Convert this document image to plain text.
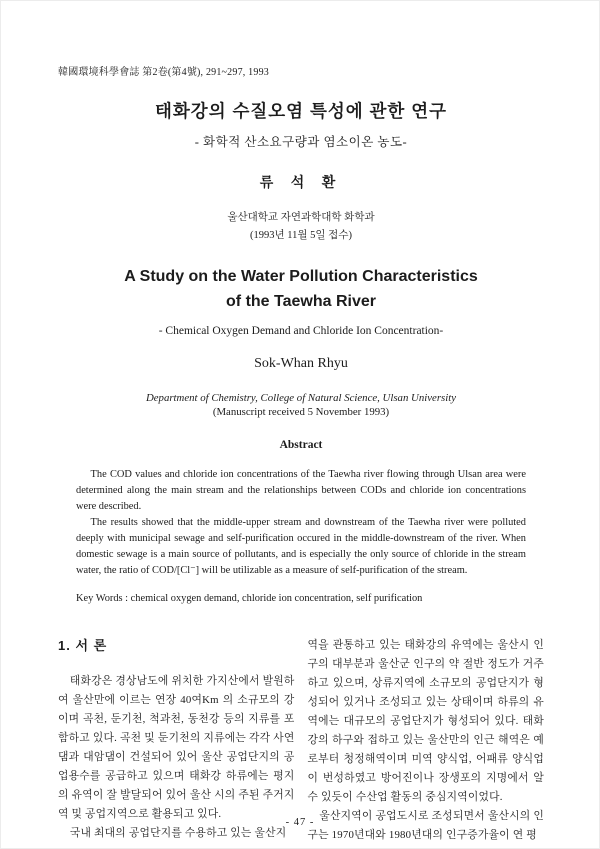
韓國環境科學會誌 第2卷(第4號), 291~297, 1993
태화강의 수질오염 특성에 관한 연구
- 화학적 산소요구량과 염소이온 농도-
류 석 환
울산대학교 자연과학대학 화학과
(1993년 11월 5일 접수)
A Study on the Water Pollution Characteristics
of the Taewha River
- Chemical Oxygen Demand and Chloride Ion Concentration-
Sok-Whan Rhyu
Department of Chemistry, College of Natural Science, Ulsan University
(Manuscript received 5 November 1993)
Abstract

The COD values and chloride ion concentrations of the Taewha river flowing through Ulsan area were determined along the main stream and the relationships between CODs and chloride ion concentrations were described.

The results showed that the middle-upper stream and downstream of the Taewha river were polluted deeply with municipal sewage and self-purification occured in the middle-downstream of the river. When domestic sewage is a main source of pollutants, and is especially the only source of chloride in the stream water, the ratio of COD/[Cl⁻] will be utilizable as a measure of self-purification of the stream.

Key Words : chemical oxygen demand, chloride ion concentration, self purification
1. 서 론

태화강은 경상남도에 위치한 가지산에서 발원하여 울산만에 이르는 연장 40여Km 의 소규모의 강이며 곡천, 둔기천, 척과천, 동천강 등의 지류를 포함하고 있다. 곡천 및 둔기천의 지류에는 각각 사연댐과 대암댐이 건설되어 있어 울산 공업단지의 공업용수를 공급하고 있으며 태화강 하류에는 평지의 유역이 잘 발달되어 있어 울산 시의 주된 주거지역 및 공업지역으로 활용되고 있다.

국내 최대의 공업단지를 수용하고 있는 울산지

역을 관통하고 있는 태화강의 유역에는 울산시 인구의 대부분과 울산군 인구의 약 절반 정도가 거주하고 있으며, 상류지역에 소규모의 공업단지가 형성되어 있거나 조성되고 있는 상태이며 하류의 유역에는 대규모의 공업단지가 형성되어 있다. 태화강의 하구와 접하고 있는 울산만의 인근 해역은 예로부터 청정해역이며 미역 양식업, 어패류 양식업이 번성하였고 방어진이나 장생포의 지명에서 알 수 있듯이 수산업 활동의 중심지역이었다.

울산지역이 공업도시로 조성되면서 울산시의 인구는 1970년대와 1980년대의 인구증가율이 연 평

- 47 -
